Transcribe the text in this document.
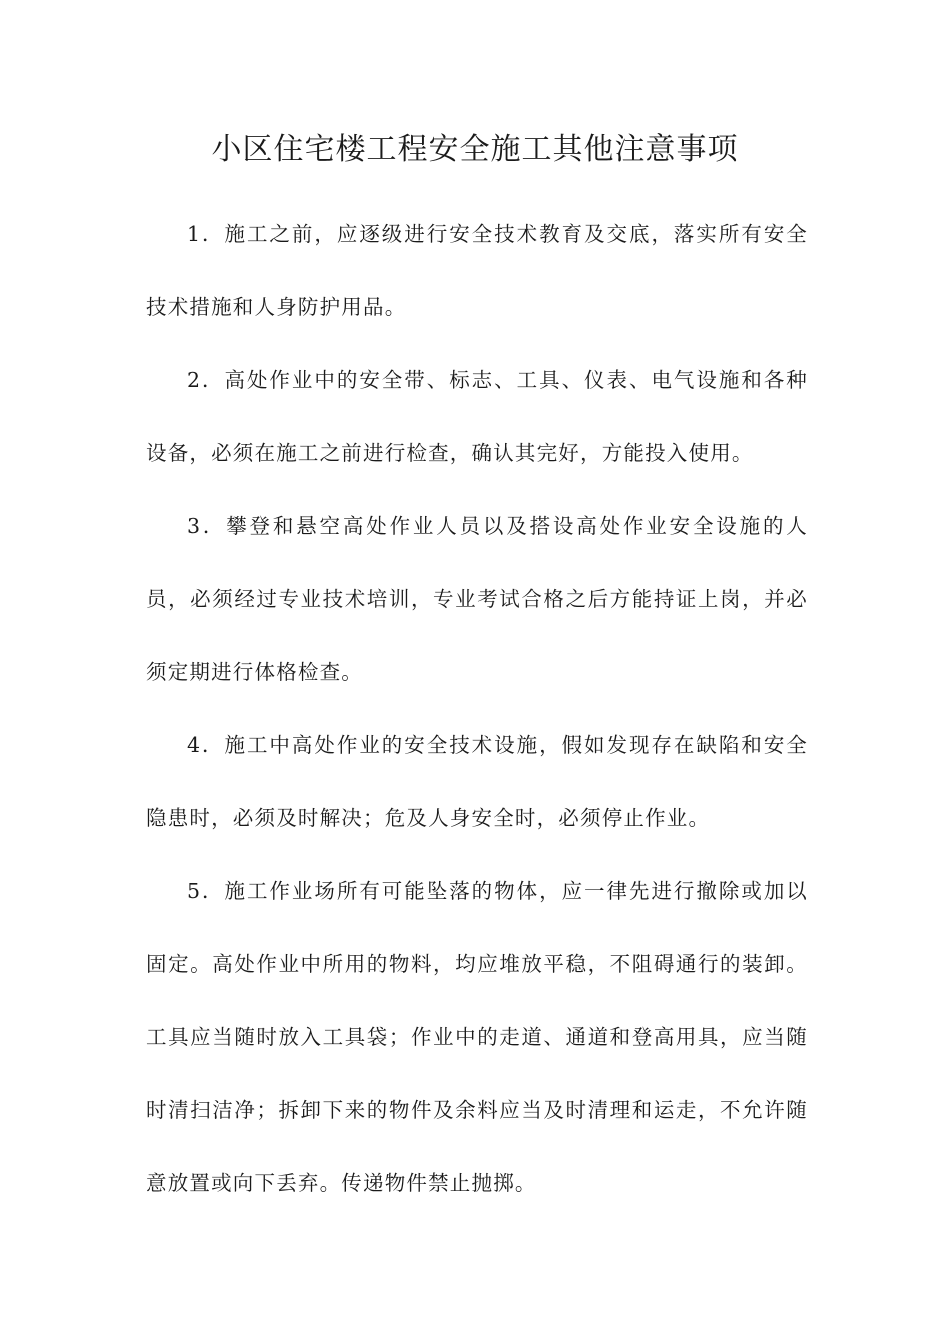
小区住宅楼工程安全施工其他注意事项

1．施工之前，应逐级进行安全技术教育及交底，落实所有安全技术措施和人身防护用品。

2．高处作业中的安全带、标志、工具、仪表、电气设施和各种设备，必须在施工之前进行检查，确认其完好，方能投入使用。

3．攀登和悬空高处作业人员以及搭设高处作业安全设施的人员，必须经过专业技术培训，专业考试合格之后方能持证上岗，并必须定期进行体格检查。

4．施工中高处作业的安全技术设施，假如发现存在缺陷和安全隐患时，必须及时解决；危及人身安全时，必须停止作业。

5．施工作业场所有可能坠落的物体，应一律先进行撤除或加以固定。高处作业中所用的物料，均应堆放平稳，不阻碍通行的装卸。工具应当随时放入工具袋；作业中的走道、通道和登高用具，应当随时清扫洁净；拆卸下来的物件及余料应当及时清理和运走，不允许随意放置或向下丢弃。传递物件禁止抛掷。
